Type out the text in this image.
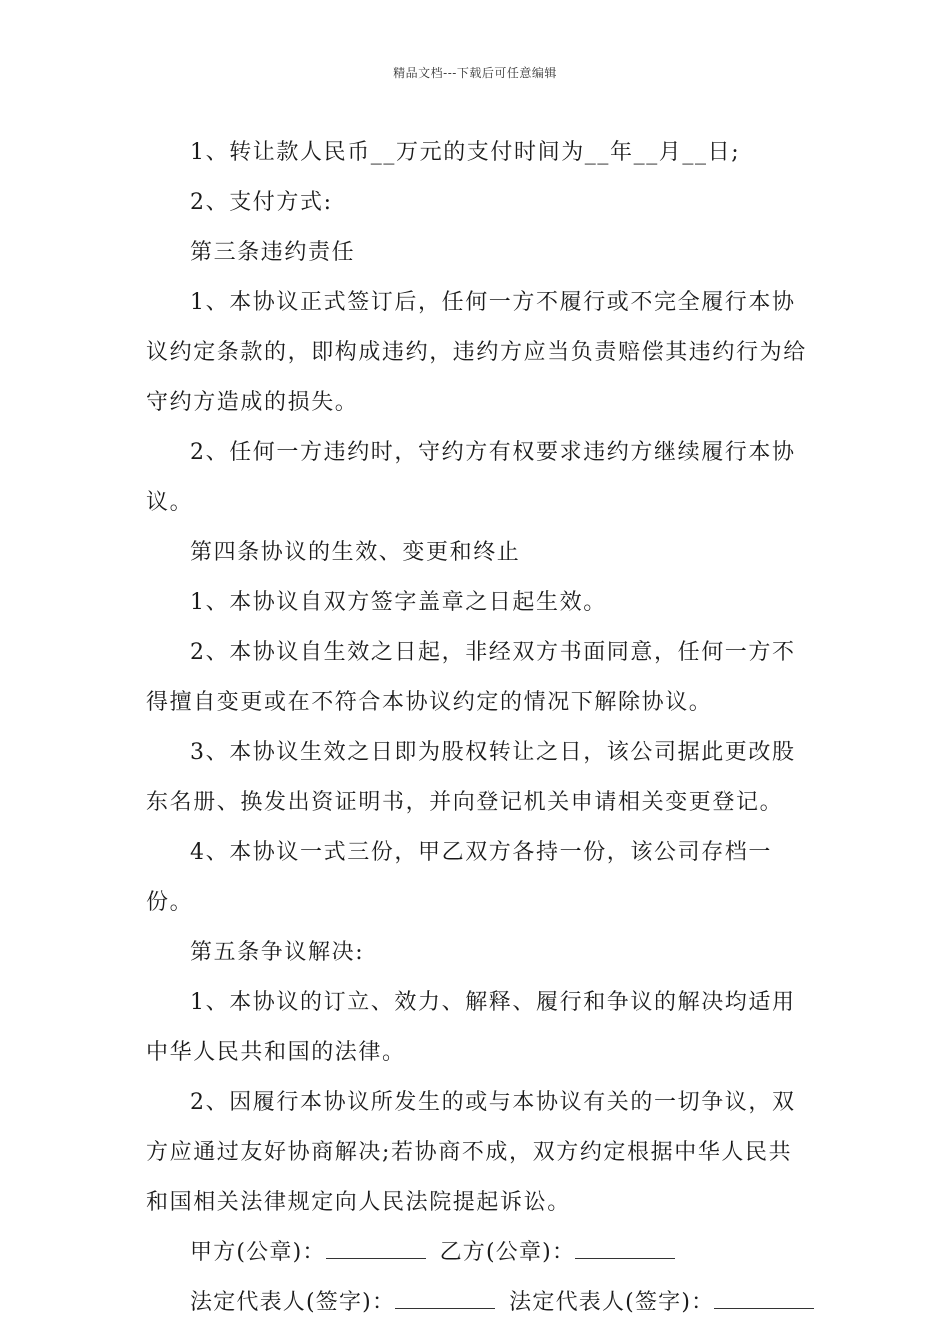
精品文档---下载后可任意编辑

1、转让款人民币__万元的支付时间为__年__月__日;

2、支付方式:

第三条违约责任

1、本协议正式签订后，任何一方不履行或不完全履行本协议约定条款的，即构成违约，违约方应当负责赔偿其违约行为给守约方造成的损失。

2、任何一方违约时，守约方有权要求违约方继续履行本协议。

第四条协议的生效、变更和终止

1、本协议自双方签字盖章之日起生效。

2、本协议自生效之日起，非经双方书面同意，任何一方不得擅自变更或在不符合本协议约定的情况下解除协议。

3、本协议生效之日即为股权转让之日，该公司据此更改股东名册、换发出资证明书，并向登记机关申请相关变更登记。

4、本协议一式三份，甲乙双方各持一份，该公司存档一份。

第五条争议解决:

1、本协议的订立、效力、解释、履行和争议的解决均适用中华人民共和国的法律。

2、因履行本协议所发生的或与本协议有关的一切争议，双方应通过友好协商解决;若协商不成，双方约定根据中华人民共和国相关法律规定向人民法院提起诉讼。

甲方(公章)：	乙方(公章)：

法定代表人(签字)：	法定代表人(签字)：
